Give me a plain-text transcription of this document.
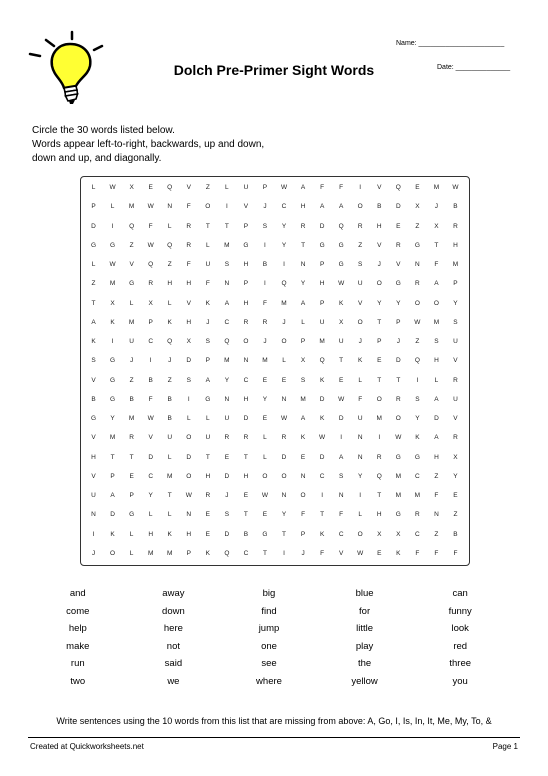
Name: ______________________
Date: ______________
Dolch Pre-Primer Sight Words
Circle the 30 words listed below.
Words appear left-to-right, backwards, up and down,
down and up, and diagonally.
L	W	X	E	Q	V	Z	L	U	P	W	A	F	F	I	V	Q	E	M	W
P	L	M	W	N	F	O	I	V	J	C	H	A	A	O	B	D	X	J	B
D	I	Q	F	L	R	T	T	P	S	Y	R	D	Q	R	H	E	Z	X	R
G	G	Z	W	Q	R	L	M	G	I	Y	T	G	G	Z	V	R	G	T	H
L	W	V	Q	Z	F	U	S	H	B	I	N	P	G	S	J	V	N	F	M
Z	M	G	R	H	H	F	N	P	I	Q	Y	H	W	U	O	G	R	A	P
T	X	L	X	L	V	K	A	H	F	M	A	P	K	V	Y	Y	O	O	Y
A	K	M	P	K	H	J	C	R	R	J	L	U	X	O	T	P	W	M	S
K	I	U	C	Q	X	S	Q	O	J	O	P	M	U	J	P	J	Z	S	U
S	G	J	I	J	D	P	M	N	M	L	X	Q	T	K	E	D	Q	H	V
V	G	Z	B	Z	S	A	Y	C	E	E	S	K	E	L	T	T	I	L	R
B	G	B	F	B	I	G	N	H	Y	N	M	D	W	F	O	R	S	A	U
G	Y	M	W	B	L	L	U	D	E	W	A	K	D	U	M	O	Y	D	V
V	M	R	V	U	O	U	R	R	L	R	K	W	I	N	I	W	K	A	R
H	T	T	D	L	D	T	E	T	L	D	E	D	A	N	R	G	G	H	X
V	P	E	C	M	O	H	D	H	O	O	N	C	S	Y	Q	M	C	Z	Y
U	A	P	Y	T	W	R	J	E	W	N	O	I	N	I	T	M	M	F	E
N	D	G	L	L	N	E	S	T	E	Y	F	T	F	L	H	G	R	N	Z
I	K	L	H	K	H	E	D	B	G	T	P	K	C	O	X	X	C	Z	B
J	O	L	M	M	P	K	Q	C	T	I	J	F	V	W	E	K	F	F	F
and	away	big	blue	can
come	down	find	for	funny
help	here	jump	little	look
make	not	one	play	red
run	said	see	the	three
two	we	where	yellow	you
Write sentences using the 10 words from this list that are missing from above: A, Go, I, Is, In, It, Me, My, To, &
Created at Quickworksheets.net	Page 1
